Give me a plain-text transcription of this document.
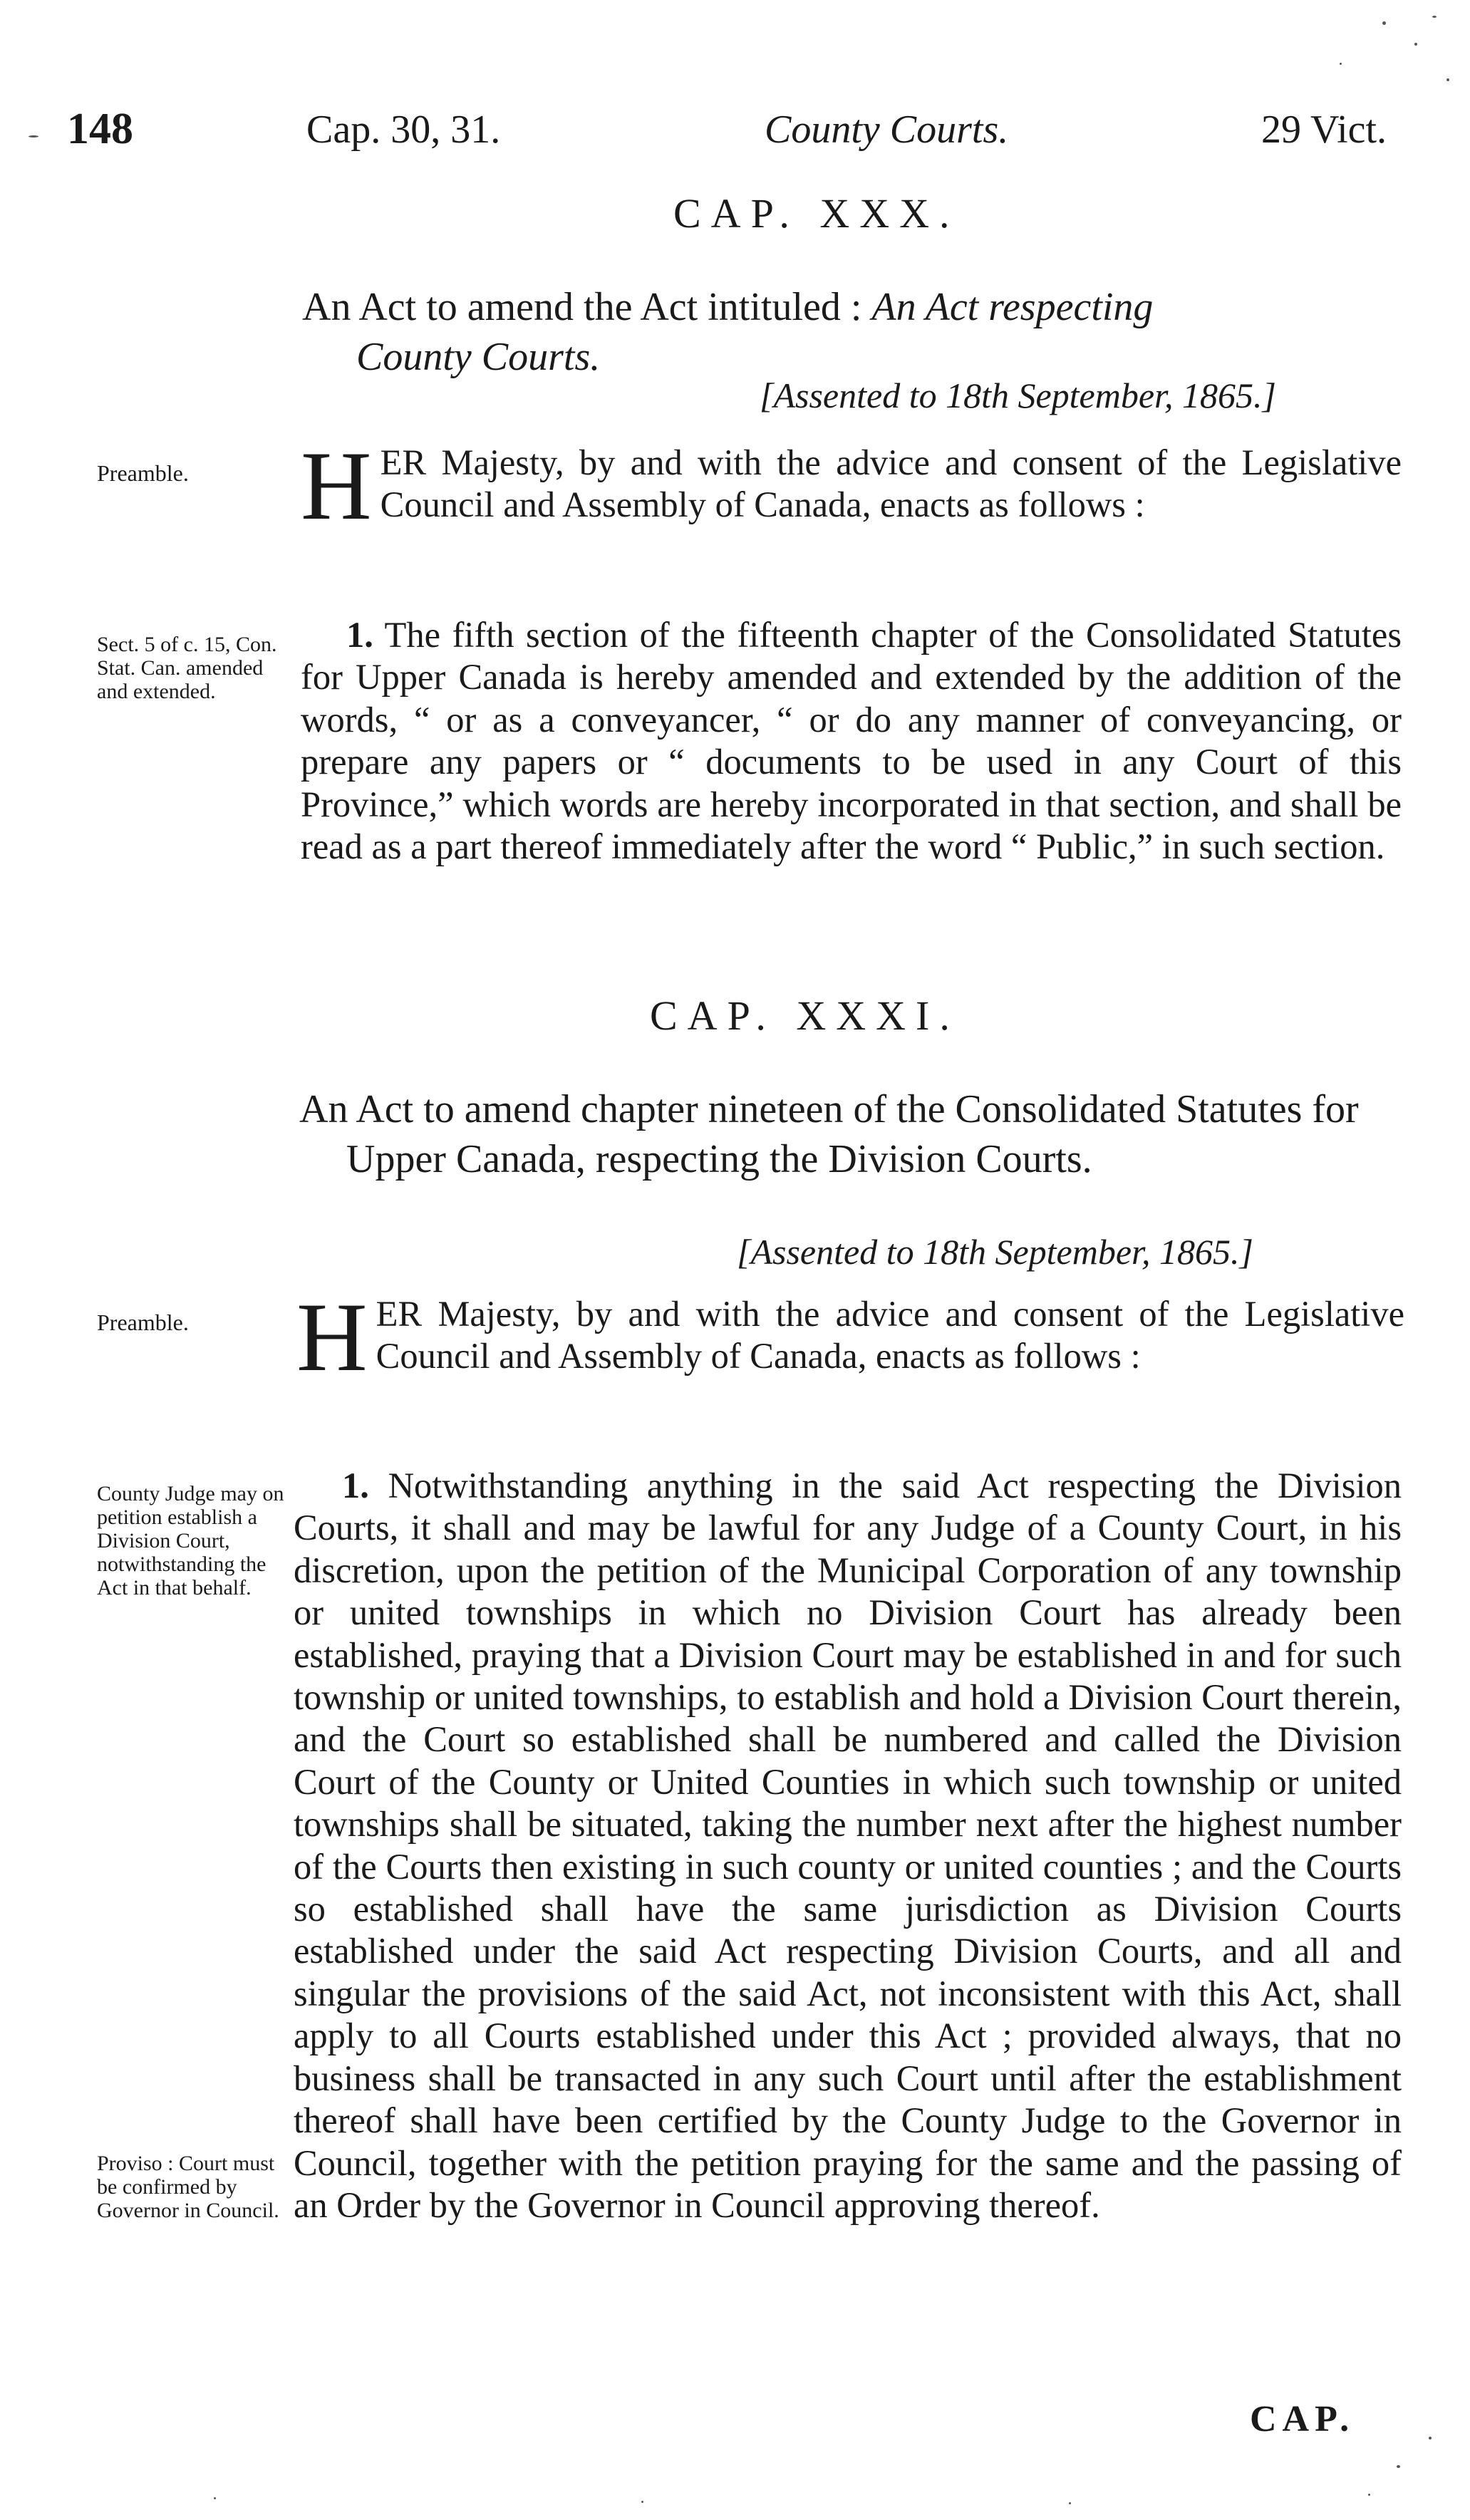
148	Cap. 30, 31.	County Courts.	29 Vict.
CAP. XXX.
An Act to amend the Act intituled : An Act respecting
County Courts.
[Assented to 18th September, 1865.]
Preamble.	HER Majesty, by and with the advice and consent of the Legislative Council and Assembly of Canada, enacts as follows :

Sect. 5 of c. 15, Con. Stat. Can. amended and extended.

1. The fifth section of the fifteenth chapter of the Consolidated Statutes for Upper Canada is hereby amended and extended by the addition of the words, “ or as a conveyancer, “ or do any manner of conveyancing, or prepare any papers or “ documents to be used in any Court of this Province,” which words are hereby incorporated in that section, and shall be read as a part thereof immediately after the word “ Public,” in such section.

CAP. XXXI.
An Act to amend chapter nineteen of the Consolidated Statutes for Upper Canada, respecting the Division Courts.
[Assented to 18th September, 1865.]
Preamble.	HER Majesty, by and with the advice and consent of the Legislative Council and Assembly of Canada, enacts as follows :

County Judge may on petition establish a Division Court, notwithstanding the Act in that behalf.
Proviso : Court must be confirmed by Governor in Council.

1. Notwithstanding anything in the said Act respecting the Division Courts, it shall and may be lawful for any Judge of a County Court, in his discretion, upon the petition of the Municipal Corporation of any township or united townships in which no Division Court has already been established, praying that a Division Court may be established in and for such township or united townships, to establish and hold a Division Court therein, and the Court so established shall be numbered and called the Division Court of the County or United Counties in which such township or united townships shall be situated, taking the number next after the highest number of the Courts then existing in such county or united counties ; and the Courts so established shall have the same jurisdiction as Division Courts established under the said Act respecting Division Courts, and all and singular the provisions of the said Act, not inconsistent with this Act, shall apply to all Courts established under this Act ; provided always, that no business shall be transacted in any such Court until after the establishment thereof shall have been certified by the County Judge to the Governor in Council, together with the petition praying for the same and the passing of an Order by the Governor in Council approving thereof.

CAP.
